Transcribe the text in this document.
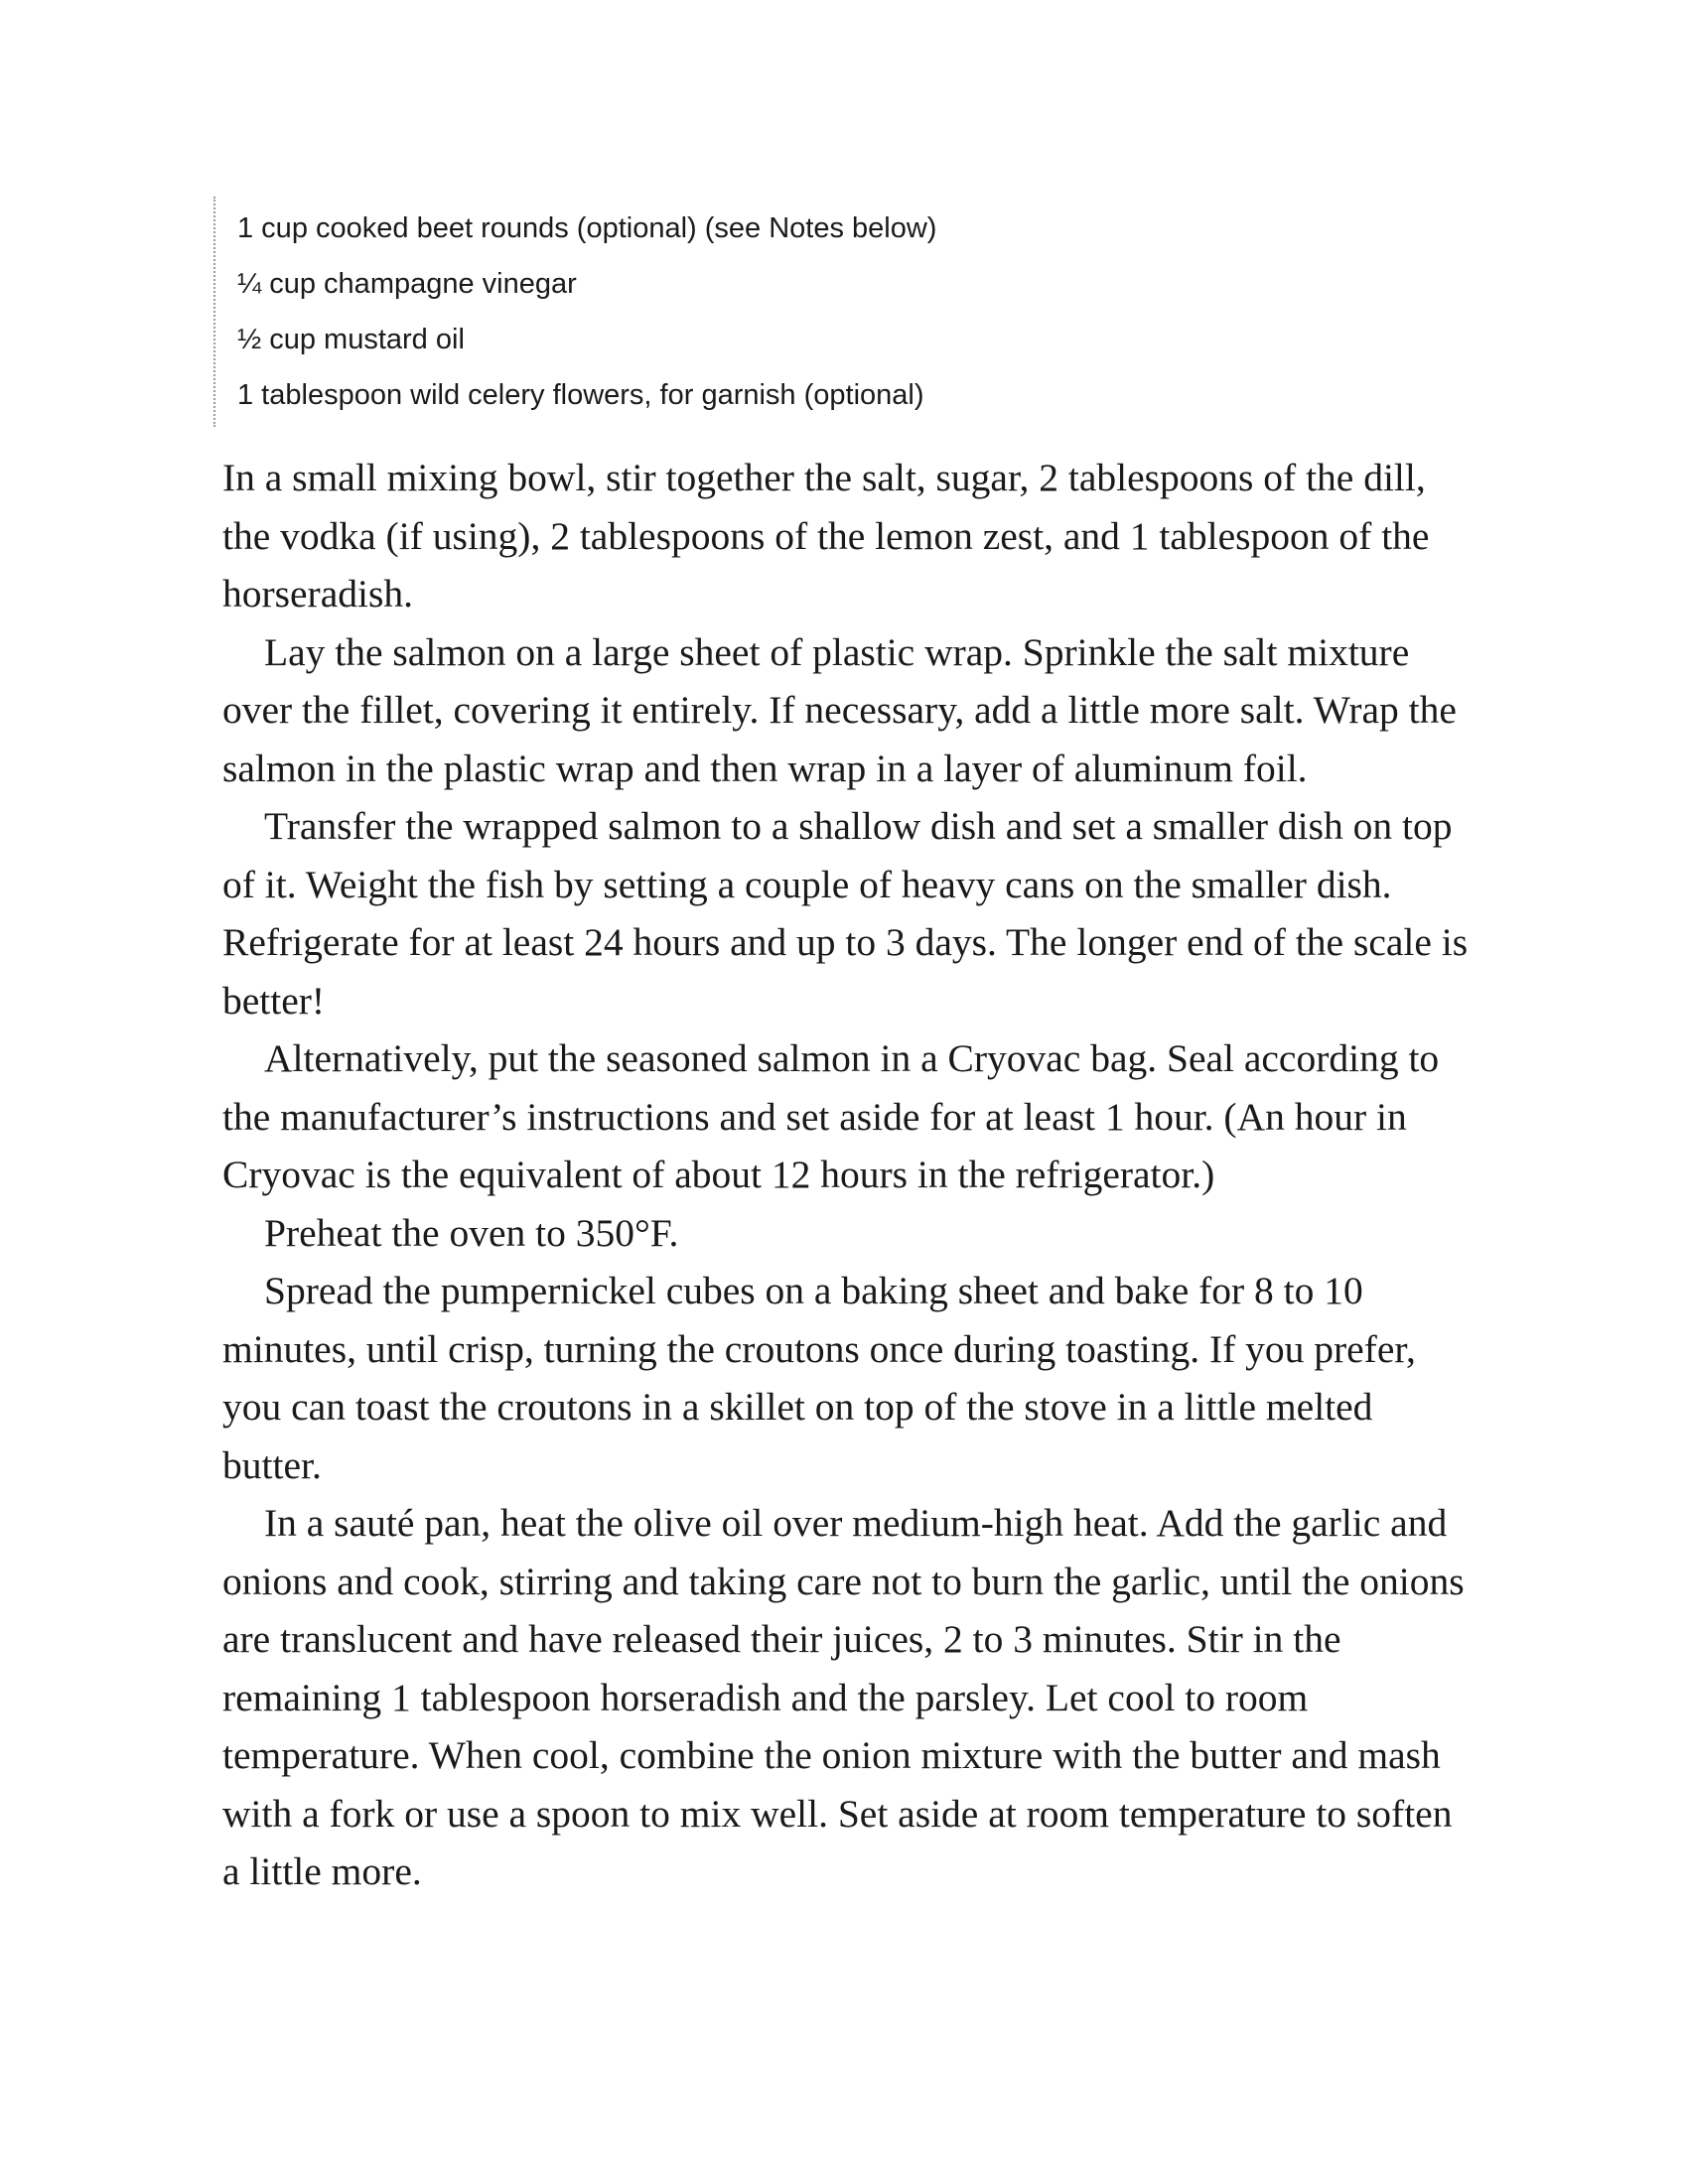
1 cup cooked beet rounds (optional) (see Notes below)
¼ cup champagne vinegar
½ cup mustard oil
1 tablespoon wild celery flowers, for garnish (optional)

In a small mixing bowl, stir together the salt, sugar, 2 tablespoons of the dill, the vodka (if using), 2 tablespoons of the lemon zest, and 1 tablespoon of the horseradish.

Lay the salmon on a large sheet of plastic wrap. Sprinkle the salt mixture over the fillet, covering it entirely. If necessary, add a little more salt. Wrap the salmon in the plastic wrap and then wrap in a layer of aluminum foil.

Transfer the wrapped salmon to a shallow dish and set a smaller dish on top of it. Weight the fish by setting a couple of heavy cans on the smaller dish. Refrigerate for at least 24 hours and up to 3 days. The longer end of the scale is better!

Alternatively, put the seasoned salmon in a Cryovac bag. Seal according to the manufacturer’s instructions and set aside for at least 1 hour. (An hour in Cryovac is the equivalent of about 12 hours in the refrigerator.)

Preheat the oven to 350°F.

Spread the pumpernickel cubes on a baking sheet and bake for 8 to 10 minutes, until crisp, turning the croutons once during toasting. If you prefer, you can toast the croutons in a skillet on top of the stove in a little melted butter.

In a sauté pan, heat the olive oil over medium-high heat. Add the garlic and onions and cook, stirring and taking care not to burn the garlic, until the onions are translucent and have released their juices, 2 to 3 minutes. Stir in the remaining 1 tablespoon horseradish and the parsley. Let cool to room temperature. When cool, combine the onion mixture with the butter and mash with a fork or use a spoon to mix well. Set aside at room temperature to soften a little more.
